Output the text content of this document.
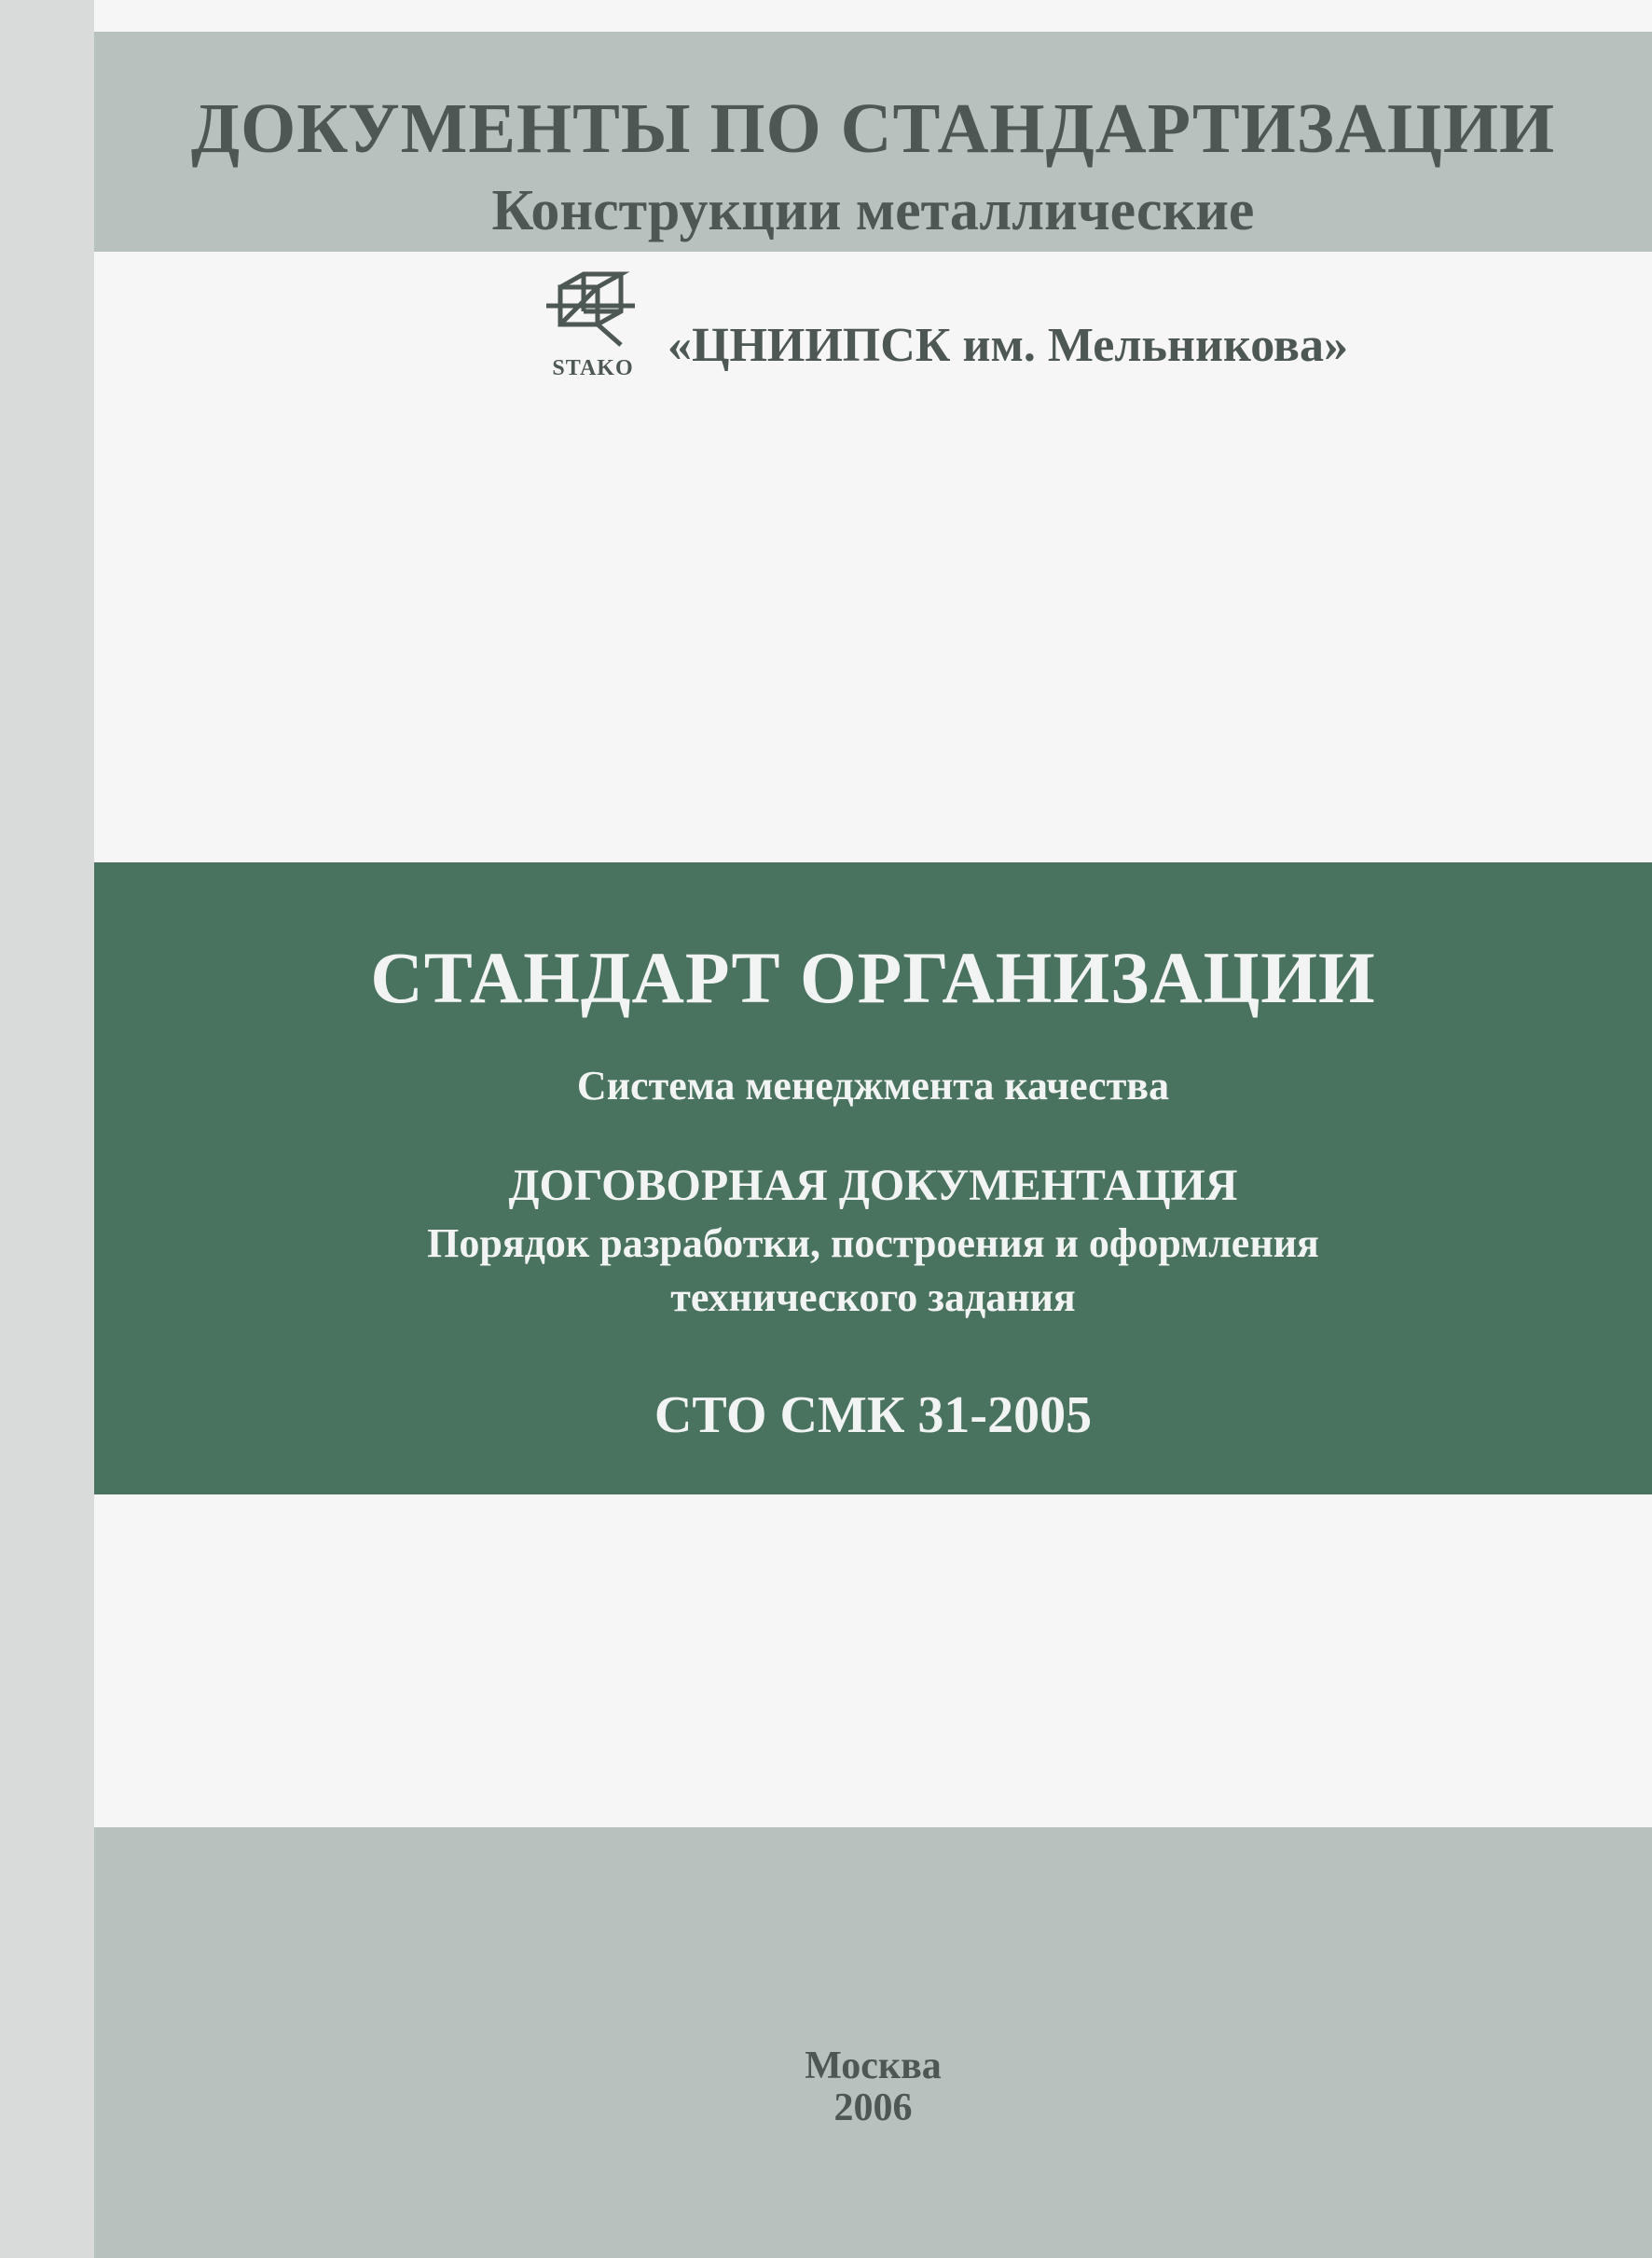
ДОКУМЕНТЫ ПО СТАНДАРТИЗАЦИИ
Конструкции металлические
STAKO «ЦНИИПСК им. Мельникова»
СТАНДАРТ ОРГАНИЗАЦИИ
Система менеджмента качества
ДОГОВОРНАЯ ДОКУМЕНТАЦИЯ
Порядок разработки, построения и оформления
технического задания
СТО СМК 31-2005
Москва
2006
